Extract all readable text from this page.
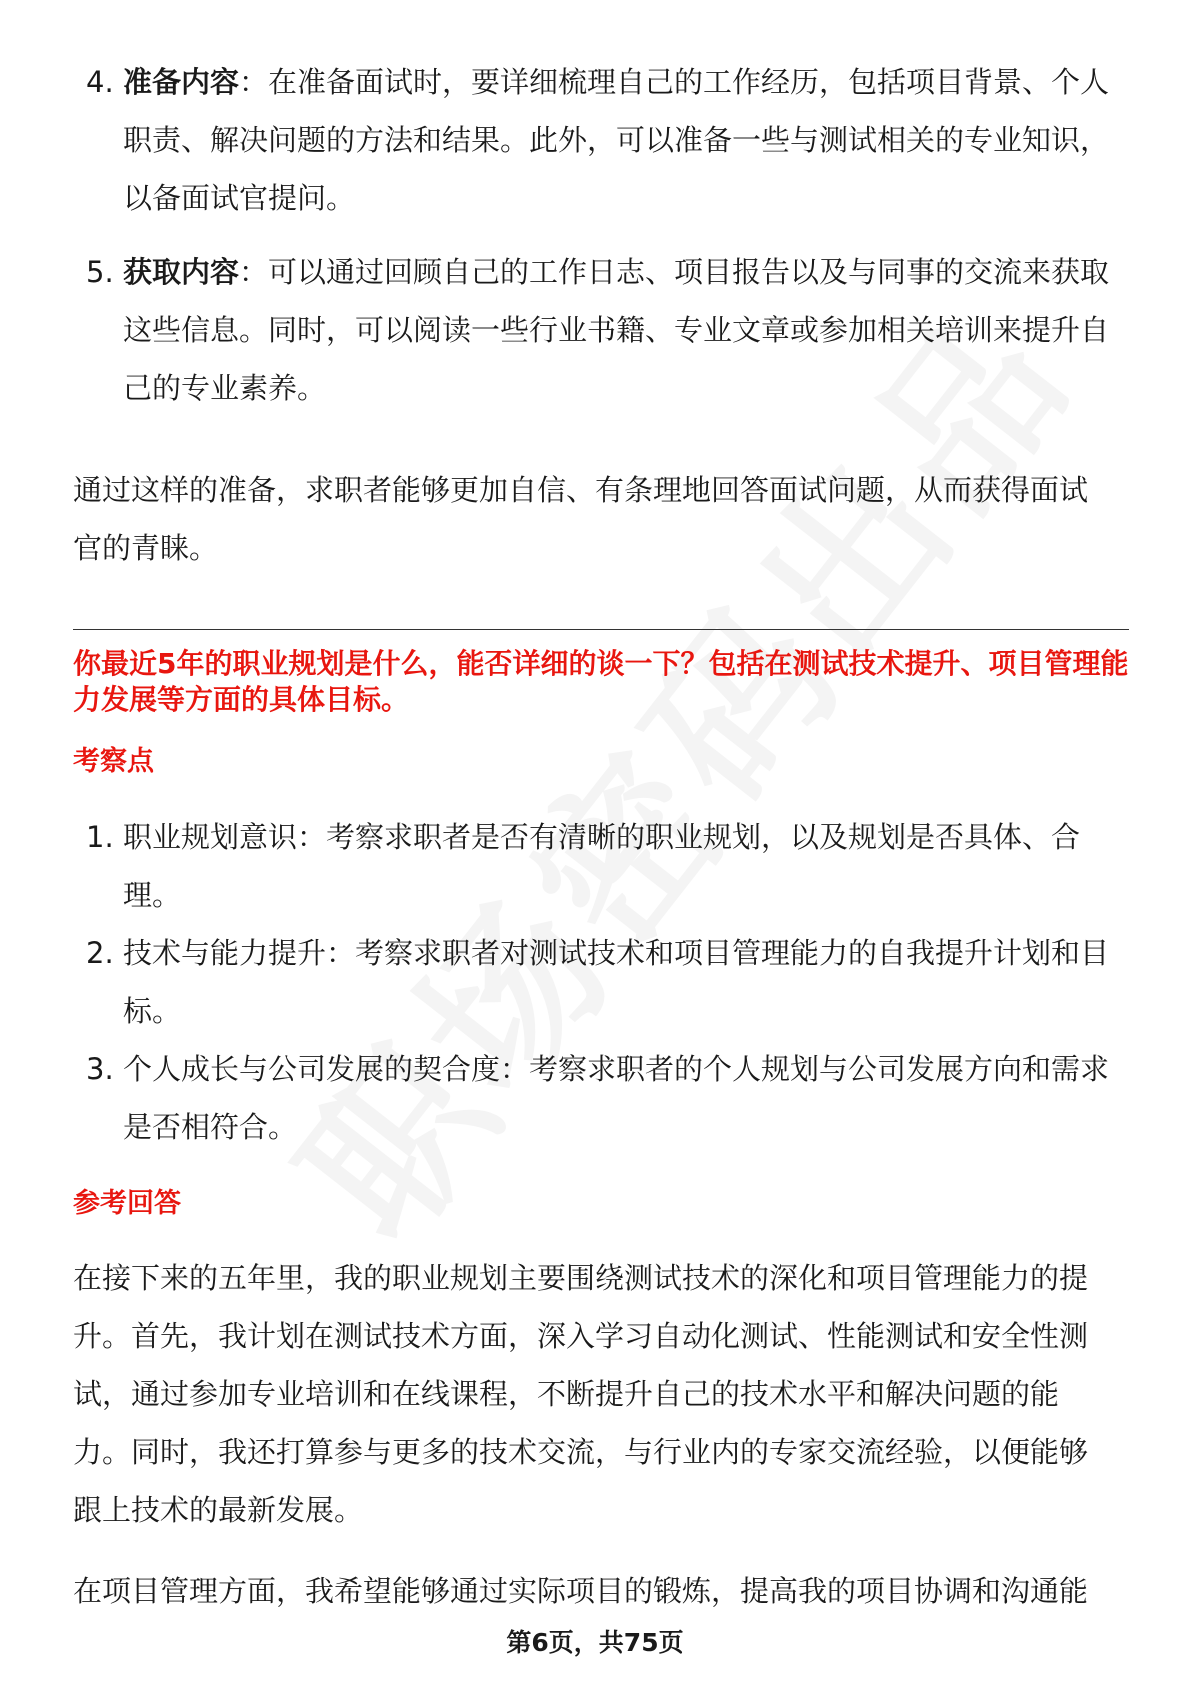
4. 准备内容：在准备面试时，要详细梳理自己的工作经历，包括项目背景、个人职责、解决问题的方法和结果。此外，可以准备一些与测试相关的专业知识，以备面试官提问。
5. 获取内容：可以通过回顾自己的工作日志、项目报告以及与同事的交流来获取这些信息。同时，可以阅读一些行业书籍、专业文章或参加相关培训来提升自己的专业素养。

通过这样的准备，求职者能够更加自信、有条理地回答面试问题，从而获得面试官的青睐。

你最近5年的职业规划是什么，能否详细的谈一下？包括在测试技术提升、项目管理能力发展等方面的具体目标。
考察点
1. 职业规划意识：考察求职者是否有清晰的职业规划，以及规划是否具体、合理。
2. 技术与能力提升：考察求职者对测试技术和项目管理能力的自我提升计划和目标。
3. 个人成长与公司发展的契合度：考察求职者的个人规划与公司发展方向和需求是否相符合。
参考回答

在接下来的五年里，我的职业规划主要围绕测试技术的深化和项目管理能力的提升。首先，我计划在测试技术方面，深入学习自动化测试、性能测试和安全性测试，通过参加专业培训和在线课程，不断提升自己的技术水平和解决问题的能力。同时，我还打算参与更多的技术交流，与行业内的专家交流经验，以便能够跟上技术的最新发展。

在项目管理方面，我希望能够通过实际项目的锻炼，提高我的项目协调和沟通能

第6页，共75页
